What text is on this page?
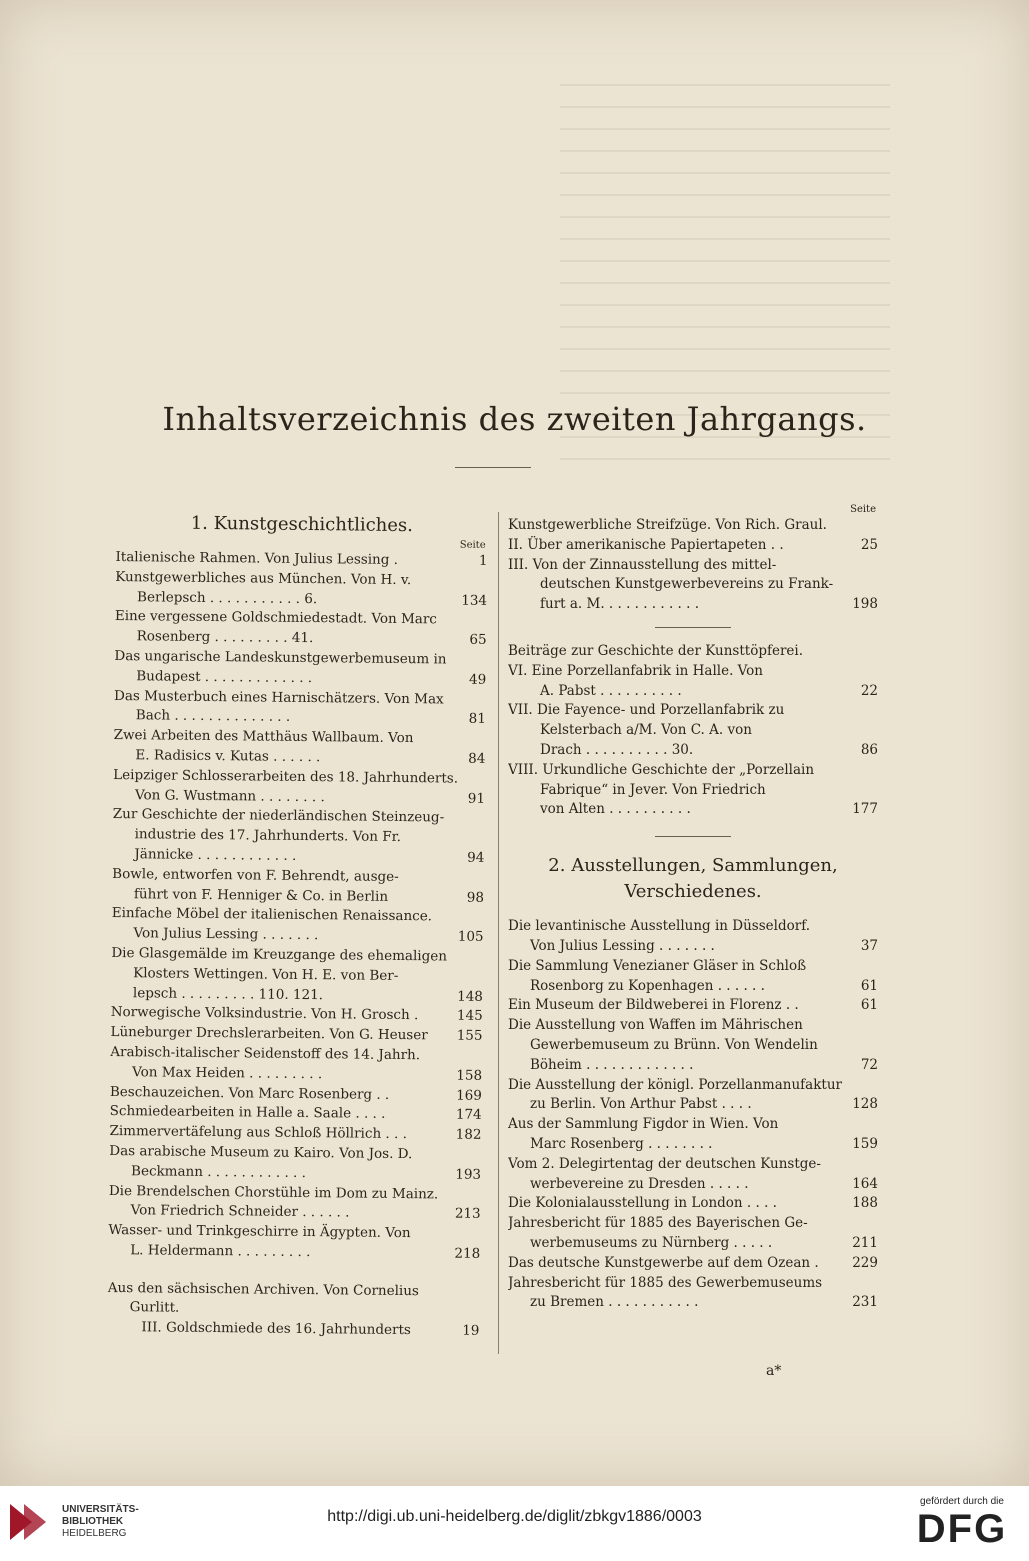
Inhaltsverzeichnis des zweiten Jahrgangs.
1. Kunstgeschichtliches.
Seite
Italienische Rahmen. Von Julius Lessing .	1
Kunstgewerbliches aus München. Von H. v.
Berlepsch . . . . . . . . . . . 6.	134
Eine vergessene Goldschmiedestadt. Von Marc
Rosenberg . . . . . . . . . 41.	65
Das ungarische Landeskunstgewerbemuseum in
Budapest . . . . . . . . . . . . .	49
Das Musterbuch eines Harnischätzers. Von Max
Bach . . . . . . . . . . . . . .	81
Zwei Arbeiten des Matthäus Wallbaum. Von
E. Radisics v. Kutas . . . . . .	84
Leipziger Schlosserarbeiten des 18. Jahrhunderts.
Von G. Wustmann . . . . . . . .	91
Zur Geschichte der niederländischen Steinzeug-
industrie des 17. Jahrhunderts. Von Fr.
Jännicke . . . . . . . . . . . .	94
Bowle, entworfen von F. Behrendt, ausge-
führt von F. Henniger & Co. in Berlin	98
Einfache Möbel der italienischen Renaissance.
Von Julius Lessing . . . . . . .	105
Die Glasgemälde im Kreuzgange des ehemaligen
Klosters Wettingen. Von H. E. von Ber-
lepsch . . . . . . . . . 110. 121.	148
Norwegische Volksindustrie. Von H. Grosch .	145
Lüneburger Drechslerarbeiten. Von G. Heuser	155
Arabisch-italischer Seidenstoff des 14. Jahrh.
Von Max Heiden . . . . . . . . .	158
Beschauzeichen. Von Marc Rosenberg . .	169
Schmiedearbeiten in Halle a. Saale . . . .	174
Zimmervertäfelung aus Schloß Höllrich . . .	182
Das arabische Museum zu Kairo. Von Jos. D.
Beckmann . . . . . . . . . . . .	193
Die Brendelschen Chorstühle im Dom zu Mainz.
Von Friedrich Schneider . . . . . .	213
Wasser- und Trinkgeschirre in Ägypten. Von
L. Heldermann . . . . . . . . .	218
Aus den sächsischen Archiven. Von Cornelius
Gurlitt.
III. Goldschmiede des 16. Jahrhunderts	19
Seite
Kunstgewerbliche Streifzüge. Von Rich. Graul.
II. Über amerikanische Papiertapeten . .	25
III. Von der Zinnausstellung des mittel-
deutschen Kunstgewerbevereins zu Frank-
furt a. M. . . . . . . . . . . .	198
Beiträge zur Geschichte der Kunsttöpferei.
VI. Eine Porzellanfabrik in Halle. Von
A. Pabst . . . . . . . . . .	22
VII. Die Fayence- und Porzellanfabrik zu
Kelsterbach a/M. Von C. A. von
Drach . . . . . . . . . . 30.	86
VIII. Urkundliche Geschichte der „Porzellain
Fabrique“ in Jever. Von Friedrich
von Alten . . . . . . . . . .	177
2. Ausstellungen, Sammlungen,
Verschiedenes.
Die levantinische Ausstellung in Düsseldorf.
Von Julius Lessing . . . . . . .	37
Die Sammlung Venezianer Gläser in Schloß
Rosenborg zu Kopenhagen . . . . . .	61
Ein Museum der Bildweberei in Florenz . .	61
Die Ausstellung von Waffen im Mährischen
Gewerbemuseum zu Brünn. Von Wendelin
Böheim . . . . . . . . . . . . .	72
Die Ausstellung der königl. Porzellanmanufaktur
zu Berlin. Von Arthur Pabst . . . .	128
Aus der Sammlung Figdor in Wien. Von
Marc Rosenberg . . . . . . . .	159
Vom 2. Delegirtentag der deutschen Kunstge-
werbevereine zu Dresden . . . . .	164
Die Kolonialausstellung in London . . . .	188
Jahresbericht für 1885 des Bayerischen Ge-
werbemuseums zu Nürnberg . . . . .	211
Das deutsche Kunstgewerbe auf dem Ozean .	229
Jahresbericht für 1885 des Gewerbemuseums
zu Bremen . . . . . . . . . . .	231
a*
UNIVERSITÄTS-
BIBLIOTHEK
HEIDELBERG
http://digi.ub.uni-heidelberg.de/diglit/zbkgv1886/0003
gefördert durch die
DFG
